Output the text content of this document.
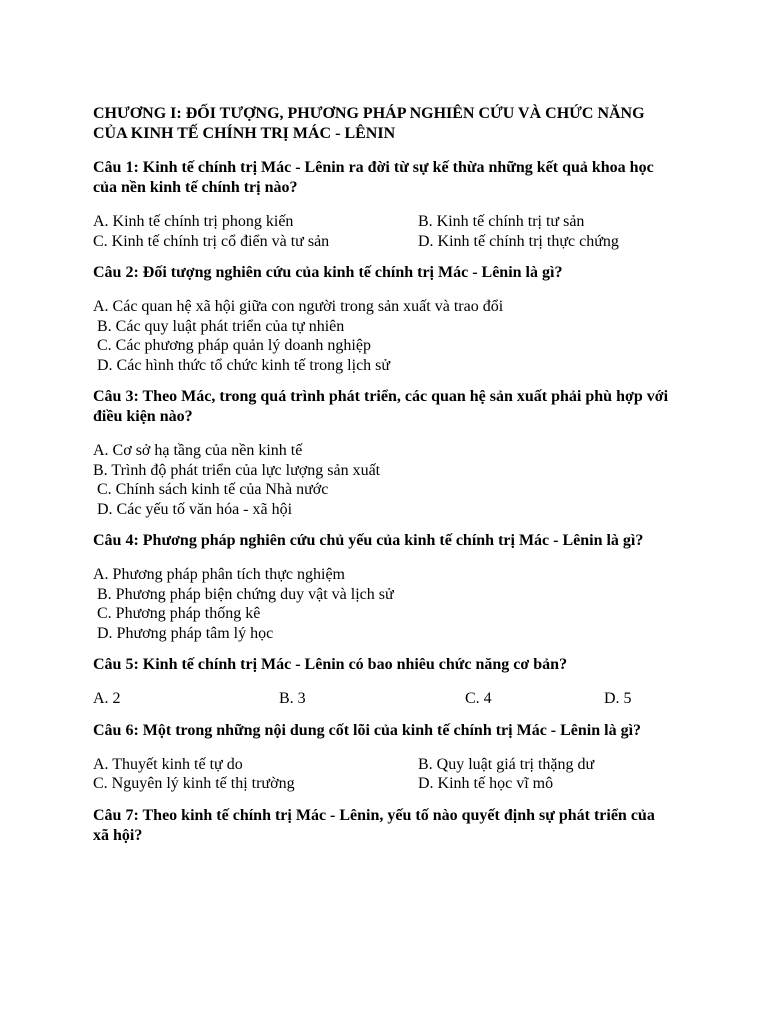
CHƯƠNG I: ĐỐI TƯỢNG, PHƯƠNG PHÁP NGHIÊN CỨU VÀ CHỨC NĂNG CỦA KINH TẾ CHÍNH TRỊ MÁC - LÊNIN
Câu 1: Kinh tế chính trị Mác - Lênin ra đời từ sự kế thừa những kết quả khoa học của nền kinh tế chính trị nào?
A. Kinh tế chính trị phong kiến	B. Kinh tế chính trị tư sản
C. Kinh tế chính trị cổ điển và tư sản	D. Kinh tế chính trị thực chứng
Câu 2: Đối tượng nghiên cứu của kinh tế chính trị Mác - Lênin là gì?
A. Các quan hệ xã hội giữa con người trong sản xuất và trao đổi
B. Các quy luật phát triển của tự nhiên
C. Các phương pháp quản lý doanh nghiệp
D. Các hình thức tổ chức kinh tế trong lịch sử
Câu 3: Theo Mác, trong quá trình phát triển, các quan hệ sản xuất phải phù hợp với điều kiện nào?
A. Cơ sở hạ tầng của nền kinh tế
B. Trình độ phát triển của lực lượng sản xuất
C. Chính sách kinh tế của Nhà nước
D. Các yếu tố văn hóa - xã hội
Câu 4: Phương pháp nghiên cứu chủ yếu của kinh tế chính trị Mác - Lênin là gì?
A. Phương pháp phân tích thực nghiệm
B. Phương pháp biện chứng duy vật và lịch sử
C. Phương pháp thống kê
D. Phương pháp tâm lý học
Câu 5: Kinh tế chính trị Mác - Lênin có bao nhiêu chức năng cơ bản?
A. 2	B. 3	C. 4	D. 5
Câu 6: Một trong những nội dung cốt lõi của kinh tế chính trị Mác - Lênin là gì?
A. Thuyết kinh tế tự do	B. Quy luật giá trị thặng dư
C. Nguyên lý kinh tế thị trường	D. Kinh tế học vĩ mô
Câu 7: Theo kinh tế chính trị Mác - Lênin, yếu tố nào quyết định sự phát triển của xã hội?
